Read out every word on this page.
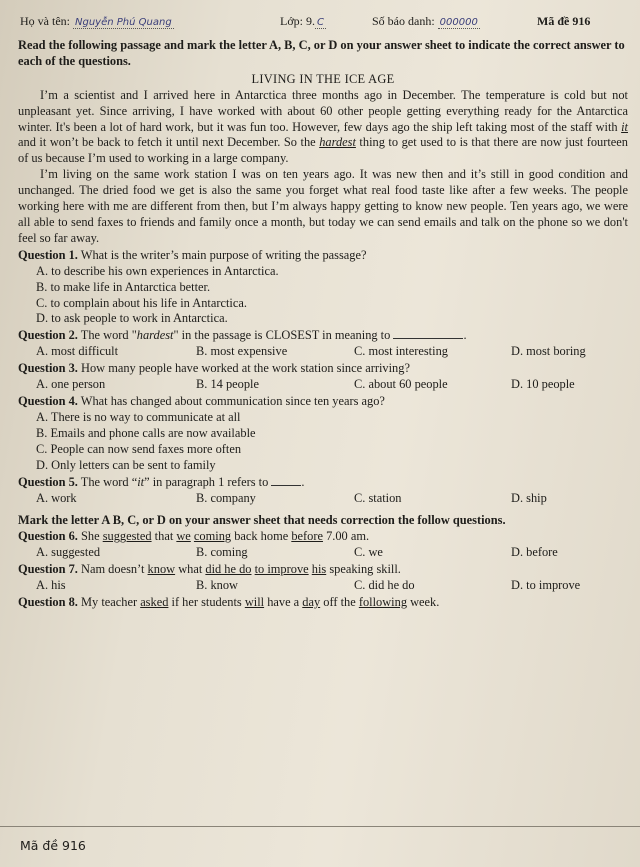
Họ và tên: Nguyễn Phú Quang	Lớp: 9. C	Số báo danh: 000000	Mã đề 916

Read the following passage and mark the letter A, B, C, or D on your answer sheet to indicate the correct answer to each of the questions.

LIVING IN THE ICE AGE

I’m a scientist and I arrived here in Antarctica three months ago in December. The temperature is cold but not unpleasant yet. Since arriving, I have worked with about 60 other people getting everything ready for the Antarctica winter. It's been a lot of hard work, but it was fun too. However, few days ago the ship left taking most of the staff with it and it won’t be back to fetch it until next December. So the hardest thing to get used to is that there are now just fourteen of us because I’m used to working in a large company.

I’m living on the same work station I was on ten years ago. It was new then and it’s still in good condition and unchanged. The dried food we get is also the same you forget what real food taste like after a few weeks. The people working here with me are different from then, but I’m always happy getting to know new people. Ten years ago, we were all able to send faxes to friends and family once a month, but today we can send emails and talk on the phone so we don't feel so far away.

Question 1. What is the writer’s main purpose of writing the passage?

A. to describe his own experiences in Antarctica.

B. to make life in Antarctica better.

C. to complain about his life in Antarctica.

D. to ask people to work in Antarctica.

Question 2. The word "hardest" in the passage is CLOSEST in meaning to	.

A. most difficult	B. most expensive	C. most interesting	D. most boring

Question 3. How many people have worked at the work station since arriving?

A. one person	B. 14 people	C. about 60 people	D. 10 people

Question 4. What has changed about communication since ten years ago?

A. There is no way to communicate at all

B. Emails and phone calls are now available

C. People can now send faxes more often

D. Only letters can be sent to family

Question 5. The word “it” in paragraph 1 refers to	.

A. work	B. company	C. station	D. ship

Mark the letter A B, C, or D on your answer sheet that needs correction the follow questions.

Question 6. She suggested that we coming back home before 7.00 am.

A. suggested	B. coming	C. we	D. before

Question 7. Nam doesn’t know what did he do to improve his speaking skill.

A. his	B. know	C. did he do	D. to improve

Question 8. My teacher asked if her students will have a day off the following week.

Mã đề 916
